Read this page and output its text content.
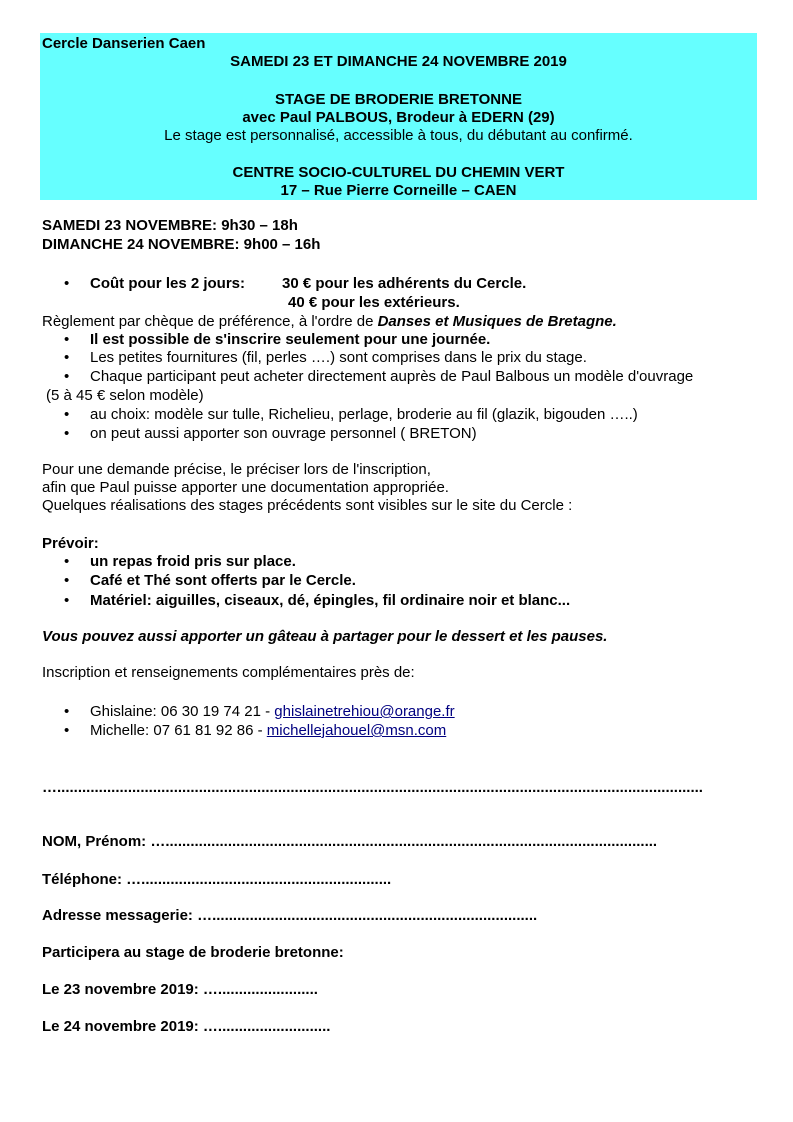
Cercle Danserien Caen
SAMEDI 23 ET DIMANCHE 24 NOVEMBRE 2019
STAGE DE BRODERIE BRETONNE
avec Paul PALBOUS, Brodeur à EDERN (29)
Le stage est personnalisé, accessible à tous, du débutant au confirmé.
CENTRE SOCIO-CULTUREL DU CHEMIN VERT
17 – Rue Pierre Corneille – CAEN
SAMEDI 23 NOVEMBRE: 9h30 – 18h
DIMANCHE 24 NOVEMBRE: 9h00 – 16h
• Coût pour les 2 jours: 30 € pour les adhérents du Cercle.
40 € pour les extérieurs.
Règlement par chèque de préférence, à l'ordre de Danses et Musiques de Bretagne.
• Il est possible de s'inscrire seulement pour une journée.
• Les petites fournitures (fil, perles ….) sont comprises dans le prix du stage.
• Chaque participant peut acheter directement auprès de Paul Balbous un modèle d'ouvrage
(5 à 45 € selon modèle)
• au choix: modèle sur tulle, Richelieu, perlage, broderie au fil (glazik, bigouden …..)
• on peut aussi apporter son ouvrage personnel ( BRETON)
Pour une demande précise, le préciser lors de l'inscription,
afin que Paul puisse apporter une documentation appropriée.
Quelques réalisations des stages précédents sont visibles sur le site du Cercle :
Prévoir:
• un repas froid pris sur place.
• Café et Thé sont offerts par le Cercle.
• Matériel: aiguilles, ciseaux, dé, épingles, fil ordinaire noir et blanc...
Vous pouvez aussi apporter un gâteau à partager pour le dessert et les pauses.
Inscription et renseignements complémentaires près de:
• Ghislaine: 06 30 19 74 21 - ghislainetrehiou@orange.fr
• Michelle: 07 61 81 92 86 - michellejahouel@msn.com
…...........................................................................................................................................................
NOM, Prénom: …......................................................................................................................
Téléphone: …............................................................
Adresse messagerie: …..............................................................................
Participera au stage de broderie bretonne:
Le 23 novembre 2019: …........................
Le 24 novembre 2019: …...........................
